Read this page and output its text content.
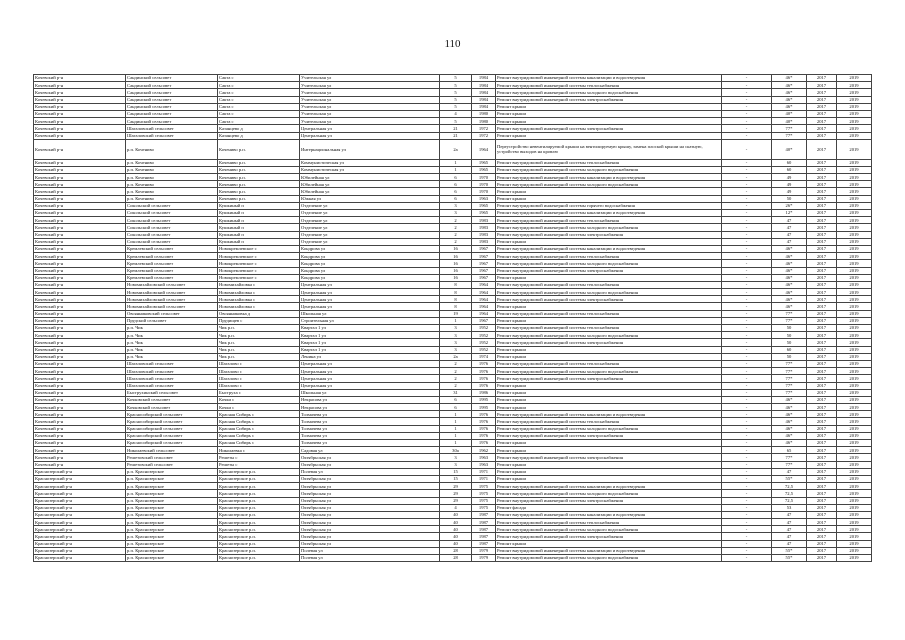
110
Кочевский р-н	Сандинский сельсовет	Сакта с	Учительская ул	5	1984	Ремонт внутридомовой инженерной системы канализации и водоотведения	-	46*	2017	2019
Кочевский р-н	Сандинский сельсовет	Сакта с	Учительская ул	5	1984	Ремонт внутридомовой инженерной системы теплоснабжения	-	46*	2017	2019
Кочевский р-н	Сандинский сельсовет	Сакта с	Учительская ул	5	1984	Ремонт внутридомовой инженерной системы холодного водоснабжения	-	46*	2017	2019
Кочевский р-н	Сандинский сельсовет	Сакта с	Учительская ул	5	1984	Ремонт внутридомовой инженерной системы электроснабжения	-	46*	2017	2019
Кочевский р-н	Сандинский сельсовет	Сакта с	Учительская ул	5	1984	Ремонт крыши	-	46*	2017	2019
Кочевский р-н	Сандинский сельсовет	Сакта с	Учительская ул	4	1980	Ремонт крыши	-	40*	2017	2019
Кочевский р-н	Сандинский сельсовет	Сакта с	Учительская ул	5	1980	Ремонт крыши	-	40*	2017	2019
Кочевский р-н	Шагаловский сельсовет	Казанцево д	Центральная ул	21	1972	Ремонт внутридомовой инженерной системы электроснабжения	-	77*	2017	2019
Кочевский р-н	Шагаловский сельсовет	Казанцево д	Центральная ул	21	1972	Ремонт крыши	-	77*	2017	2019
Кочевский р-н	р.п. Кочениво	Кочениво р.п.	Интернациональная ул	2а	1964	Переустройство невентилируемой крыши на вентилируемую крышу, замена плоской крыши на скатную, устройство выходов на кровлю	-	40*	2017	2019
Кочевский р-н	р.п. Кочениво	Кочениво р.п.	Коммунистическая ул	1	1965	Ремонт внутридомовой инженерной системы теплоснабжения	-	60	2017	2019
Кочевский р-н	р.п. Кочениво	Кочениво р.п.	Коммунистическая ул	1	1965	Ремонт внутридомовой инженерной системы холодного водоснабжения	-	60	2017	2019
Кочевский р-н	р.п. Кочениво	Кочениво р.п.	Юбилейная ул	6	1970	Ремонт внутридомовой инженерной системы канализации и водоотведения	-	49	2017	2019
Кочевский р-н	р.п. Кочениво	Кочениво р.п.	Юбилейная ул	6	1970	Ремонт внутридомовой инженерной системы холодного водоснабжения	-	49	2017	2019
Кочевский р-н	р.п. Кочениво	Кочениво р.п.	Юбилейная ул	6	1970	Ремонт крыши	-	49	2017	2019
Кочевский р-н	р.п. Кочениво	Кочениво р.п.	Южная ул	6	1963	Ремонт крыши	-	50	2017	2019
Кочевский р-н	Сокольский сельсовет	Кушкиный п	Отделение ул	3	1965	Ремонт внутридомовой инженерной системы горячего водоснабжения	-	26*	2017	2019
Кочевский р-н	Сокольский сельсовет	Кушкиный п	Отделение ул	3	1965	Ремонт внутридомовой инженерной системы канализации и водоотведения	-	12*	2017	2019
Кочевский р-н	Сокольский сельсовет	Кушкиный п	Отделение ул	2	1983	Ремонт внутридомовой инженерной системы теплоснабжения	-	47	2017	2019
Кочевский р-н	Сокольский сельсовет	Кушкиный п	Отделение ул	2	1983	Ремонт внутридомовой инженерной системы холодного водоснабжения	-	47	2017	2019
Кочевский р-н	Сокольский сельсовет	Кушкиный п	Отделение ул	2	1983	Ремонт внутридомовой инженерной системы электроснабжения	-	47	2017	2019
Кочевский р-н	Сокольский сельсовет	Кушкиный п	Отделение ул	2	1983	Ремонт крыши	-	47	2017	2019
Кочевский р-н	Кремлевский сельсовет	Новокремлевское с	Кондрова ул	16	1967	Ремонт внутридомовой инженерной системы канализации и водоотведения	-	46*	2017	2019
Кочевский р-н	Кремлевский сельсовет	Новокремлевское с	Кондрова ул	16	1967	Ремонт внутридомовой инженерной системы теплоснабжения	-	46*	2017	2019
Кочевский р-н	Кремлевский сельсовет	Новокремлевское с	Кондрова ул	16	1967	Ремонт внутридомовой инженерной системы холодного водоснабжения	-	46*	2017	2019
Кочевский р-н	Кремлевский сельсовет	Новокремлевское с	Кондрова ул	16	1967	Ремонт внутридомовой инженерной системы электроснабжения	-	46*	2017	2019
Кочевский р-н	Кремлевский сельсовет	Новокремлевское с	Кондрова ул	16	1967	Ремонт крыши	-	46*	2017	2019
Кочевский р-н	Новомихайловский сельсовет	Новомихайловка с	Центральная ул	8	1964	Ремонт внутридомовой инженерной системы теплоснабжения	-	46*	2017	2019
Кочевский р-н	Новомихайловский сельсовет	Новомихайловка с	Центральная ул	8	1964	Ремонт внутридомовой инженерной системы холодного водоснабжения	-	46*	2017	2019
Кочевский р-н	Новомихайловский сельсовет	Новомихайловка с	Центральная ул	8	1964	Ремонт внутридомовой инженерной системы электроснабжения	-	46*	2017	2019
Кочевский р-н	Новомихайловский сельсовет	Новомихайловка с	Центральная ул	8	1964	Ремонт крыши	-	46*	2017	2019
Кочевский р-н	Овсянниковский сельсовет	Овсянниковка д	Школьная ул	19	1964	Ремонт внутридомовой инженерной системы теплоснабжения	-	77*	2017	2019
Кочевский р-н	Прудский сельсовет	Прудищев с	Строительная ул	1	1967	Ремонт крыши	-	77*	2017	2019
Кочевский р-н	р.п. Чик	Чик р.п.	Квартал 1 ул	3	1952	Ремонт внутридомовой инженерной системы теплоснабжения	-	50	2017	2019
Кочевский р-н	р.п. Чик	Чик р.п.	Квартал 1 ул	3	1952	Ремонт внутридомовой инженерной системы холодного водоснабжения	-	50	2017	2019
Кочевский р-н	р.п. Чик	Чик р.п.	Квартал 1 ул	3	1952	Ремонт внутридомовой инженерной системы электроснабжения	-	50	2017	2019
Кочевский р-н	р.п. Чик	Чик р.п.	Квартал 1 ул	3	1952	Ремонт крыши	-	60	2017	2019
Кочевский р-н	р.п. Чик	Чик р.п.	Ленина ул	2а	1974	Ремонт крыши	-	50	2017	2019
Кочевский р-н	Шагаловский сельсовет	Шагалово с	Центральная ул	2	1976	Ремонт внутридомовой инженерной системы теплоснабжения	-	77*	2017	2019
Кочевский р-н	Шагаловский сельсовет	Шагалово с	Центральная ул	2	1976	Ремонт внутридомовой инженерной системы холодного водоснабжения	-	77*	2017	2019
Кочевский р-н	Шагаловский сельсовет	Шагалово с	Центральная ул	2	1976	Ремонт внутридомовой инженерной системы электроснабжения	-	77*	2017	2019
Кочевский р-н	Шагаловский сельсовет	Шагалово с	Центральная ул	2	1976	Ремонт крыши	-	77*	2017	2019
Кочевский р-н	Быструхинский сельсовет	Быструха с	Школьная ул	31	1986	Ремонт крыши	-	77*	2017	2019
Кочевский р-н	Кочковский сельсовет	Кочки с	Некрасова ул	6	1995	Ремонт крыши	-	46*	2017	2019
Кочевский р-н	Кочковский сельсовет	Кочки с	Некрасова ул	6	1995	Ремонт крыши	-	46*	2017	2019
Кочевский р-н	Красносибирский сельсовет	Красная Сибирь с	Толмачева ул	1	1976	Ремонт внутридомовой инженерной системы канализации и водоотведения	-	46*	2017	2019
Кочевский р-н	Красносибирский сельсовет	Красная Сибирь с	Толмачева ул	1	1976	Ремонт внутридомовой инженерной системы теплоснабжения	-	46*	2017	2019
Кочевский р-н	Красносибирский сельсовет	Красная Сибирь с	Толмачева ул	1	1976	Ремонт внутридомовой инженерной системы холодного водоснабжения	-	46*	2017	2019
Кочевский р-н	Красносибирский сельсовет	Красная Сибирь с	Толмачева ул	1	1976	Ремонт внутридомовой инженерной системы электроснабжения	-	46*	2017	2019
Кочевский р-н	Красносибирский сельсовет	Красная Сибирь с	Толмачева ул	1	1976	Ремонт крыши	-	46*	2017	2019
Кочевский р-н	Николаевский сельсовет	Николаевка с	Садовая ул	30а	1962	Ремонт крыши	-	65	2017	2019
Кочевский р-н	Решетовский сельсовет	Решеты с	Октябрьская ул	3	1963	Ремонт внутридомовой инженерной системы электроснабжения	-	77*	2017	2019
Кочевский р-н	Решетовский сельсовет	Решеты с	Октябрьская ул	3	1963	Ремонт крыши	-	77*	2017	2019
Краснозерский р-н	р.п. Краснозерское	Краснозерское р.п.	Полевая ул	15	1971	Ремонт крыши	-	47	2017	2019
Краснозерский р-н	р.п. Краснозерское	Краснозерское р.п.	Октябрьская ул	15	1971	Ремонт крыши	-	55*	2017	2019
Краснозерский р-н	р.п. Краснозерское	Краснозерское р.п.	Октябрьская ул	29	1975	Ремонт внутридомовой инженерной системы канализации и водоотведения	-	72,5	2017	2019
Краснозерский р-н	р.п. Краснозерское	Краснозерское р.п.	Октябрьская ул	29	1975	Ремонт внутридомовой инженерной системы холодного водоснабжения	-	72,5	2017	2019
Краснозерский р-н	р.п. Краснозерское	Краснозерское р.п.	Октябрьская ул	29	1975	Ремонт внутридомовой инженерной системы электроснабжения	-	72,5	2017	2019
Краснозерский р-н	р.п. Краснозерское	Краснозерское р.п.	Октябрьская ул	4	1975	Ремонт фасада	-	53	2017	2019
Краснозерский р-н	р.п. Краснозерское	Краснозерское р.п.	Октябрьская ул	40	1987	Ремонт внутридомовой инженерной системы канализации и водоотведения	-	47	2017	2019
Краснозерский р-н	р.п. Краснозерское	Краснозерское р.п.	Октябрьская ул	40	1987	Ремонт внутридомовой инженерной системы теплоснабжения	-	47	2017	2019
Краснозерский р-н	р.п. Краснозерское	Краснозерское р.п.	Октябрьская ул	40	1987	Ремонт внутридомовой инженерной системы холодного водоснабжения	-	47	2017	2019
Краснозерский р-н	р.п. Краснозерское	Краснозерское р.п.	Октябрьская ул	40	1987	Ремонт внутридомовой инженерной системы электроснабжения	-	47	2017	2019
Краснозерский р-н	р.п. Краснозерское	Краснозерское р.п.	Октябрьская ул	40	1987	Ремонт крыши	-	47	2017	2019
Краснозерский р-н	р.п. Краснозерское	Краснозерское р.п.	Полевая ул	28	1979	Ремонт внутридомовой инженерной системы канализации и водоотведения	-	55*	2017	2019
Краснозерский р-н	р.п. Краснозерское	Краснозерское р.п.	Полевая ул	28	1979	Ремонт внутридомовой инженерной системы холодного водоснабжения	-	55*	2017	2019
